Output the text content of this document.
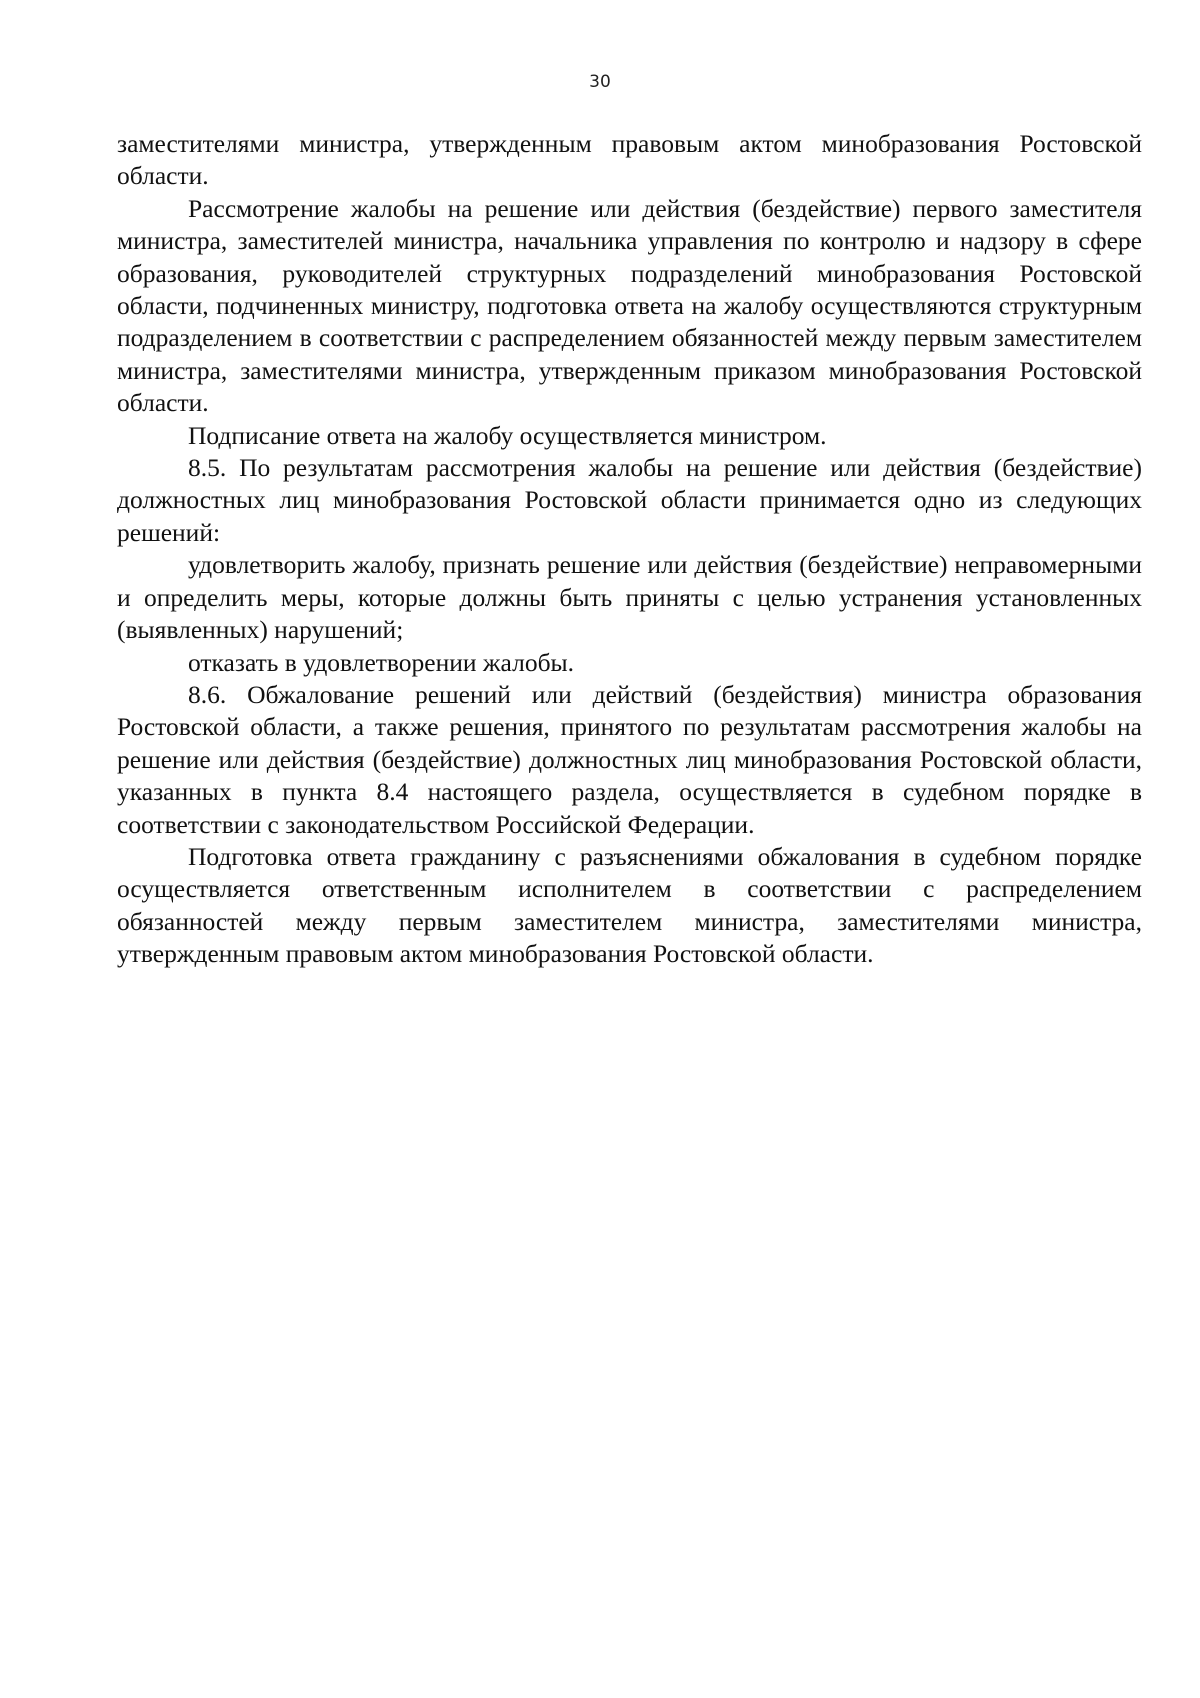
30

заместителями министра, утвержденным правовым актом минобразования Ростовской области.

Рассмотрение жалобы на решение или действия (бездействие) первого заместителя министра, заместителей министра, начальника управления по контролю и надзору в сфере образования, руководителей структурных подразделений минобразования Ростовской области, подчиненных министру, подготовка ответа на жалобу осуществляются структурным подразделением в соответствии с распределением обязанностей между первым заместителем министра, заместителями министра, утвержденным приказом минобразования Ростовской области.

Подписание ответа на жалобу осуществляется министром.

8.5. По результатам рассмотрения жалобы на решение или действия (бездействие) должностных лиц минобразования Ростовской области принимается одно из следующих решений:

удовлетворить жалобу, признать решение или действия (бездействие) неправомерными и определить меры, которые должны быть приняты с целью устранения установленных (выявленных) нарушений;

отказать в удовлетворении жалобы.

8.6. Обжалование решений или действий (бездействия) министра образования Ростовской области, а также решения, принятого по результатам рассмотрения жалобы на решение или действия (бездействие) должностных лиц минобразования Ростовской области, указанных в пункта 8.4 настоящего раздела, осуществляется в судебном порядке в соответствии с законодательством Российской Федерации.

Подготовка ответа гражданину с разъяснениями обжалования в судебном порядке осуществляется ответственным исполнителем в соответствии с распределением обязанностей между первым заместителем министра, заместителями министра, утвержденным правовым актом минобразования Ростовской области.
